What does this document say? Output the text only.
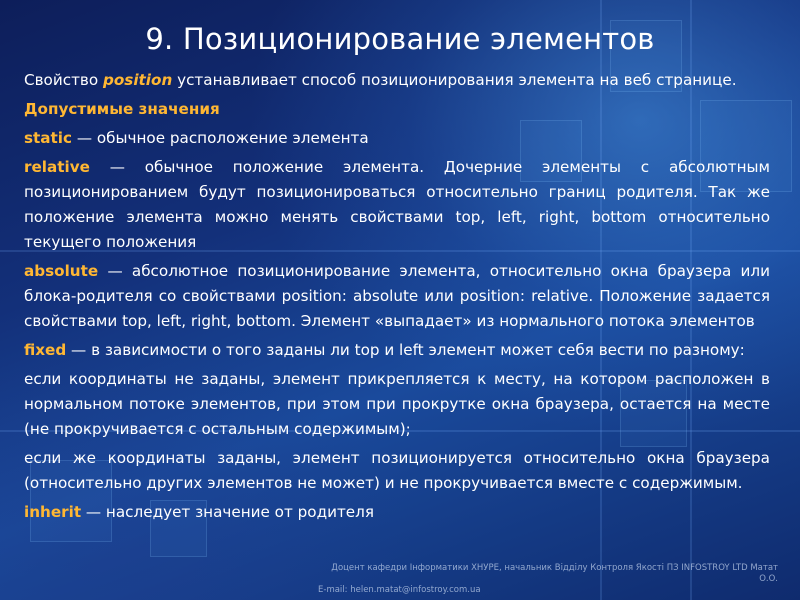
9. Позиционирование элементов

Свойство position устанавливает способ позиционирования элемента на веб странице.

Допустимые значения

static — обычное расположение элемента

relative — обычное положение элемента. Дочерние элементы с абсолютным позиционированием будут позиционироваться относительно границ родителя. Так же положение элемента можно менять свойствами top, left, right, bottom относительно текущего положения

absolute — абсолютное позиционирование элемента, относительно окна браузера или блока-родителя со свойствами position: absolute или position: relative. Положение задается свойствами top, left, right, bottom. Элемент «выпадает» из нормального потока элементов

fixed — в зависимости о того заданы ли top и left элемент может себя вести по разному:

если координаты не заданы, элемент прикрепляется к месту, на котором расположен в нормальном потоке элементов, при этом при прокрутке окна браузера, остается на месте (не прокручивается с остальным содержимым);

если же координаты заданы, элемент позиционируется относительно окна браузера (относительно других элементов не может) и не прокручивается вместе с содержимым.

inherit — наследует значение от родителя

Доцент кафедри Інформатики ХНУРЕ, начальник Відділу Контроля Якості ПЗ INFOSTROY LTD Матат О.О.
E-mail: helen.matat@infostroy.com.ua
